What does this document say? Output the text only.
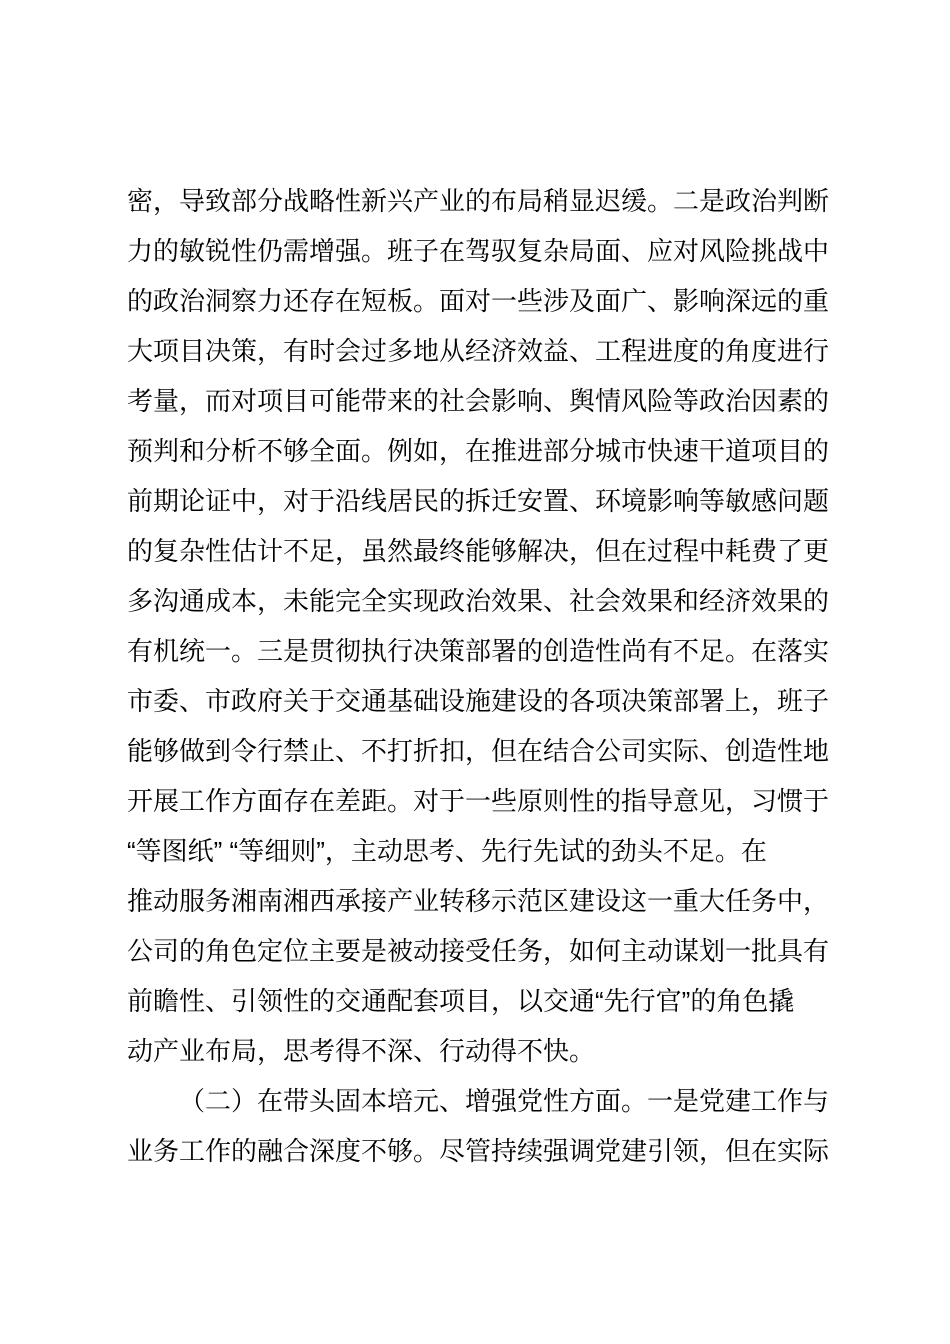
密，导致部分战略性新兴产业的布局稍显迟缓。二是政治判断
力的敏锐性仍需增强。班子在驾驭复杂局面、应对风险挑战中
的政治洞察力还存在短板。面对一些涉及面广、影响深远的重
大项目决策，有时会过多地从经济效益、工程进度的角度进行
考量，而对项目可能带来的社会影响、舆情风险等政治因素的
预判和分析不够全面。例如，在推进部分城市快速干道项目的
前期论证中，对于沿线居民的拆迁安置、环境影响等敏感问题
的复杂性估计不足，虽然最终能够解决，但在过程中耗费了更
多沟通成本，未能完全实现政治效果、社会效果和经济效果的
有机统一。三是贯彻执行决策部署的创造性尚有不足。在落实
市委、市政府关于交通基础设施建设的各项决策部署上，班子
能够做到令行禁止、不打折扣，但在结合公司实际、创造性地
开展工作方面存在差距。对于一些原则性的指导意见，习惯于
“等图纸” “等细则”，主动思考、先行先试的劲头不足。在
推动服务湘南湘西承接产业转移示范区建设这一重大任务中，
公司的角色定位主要是被动接受任务，如何主动谋划一批具有
前瞻性、引领性的交通配套项目，以交通“先行官”的角色撬
动产业布局，思考得不深、行动得不快。
（二）在带头固本培元、增强党性方面。一是党建工作与
业务工作的融合深度不够。尽管持续强调党建引领，但在实际
